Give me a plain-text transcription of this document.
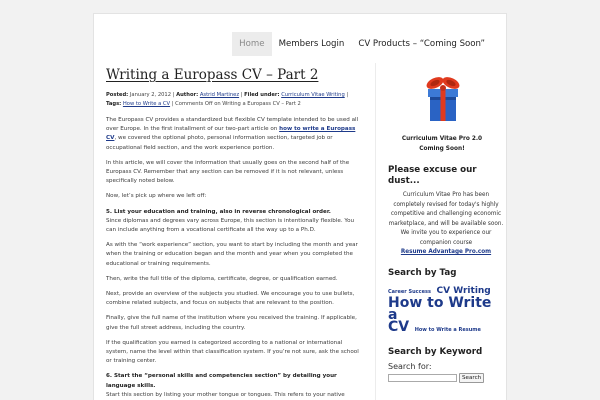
Home	Members Login	CV Products – “Coming Soon”
Writing a Europass CV – Part 2
Posted: January 2, 2012 | Author: Astrid Martinez | Filed under: Curriculum Vitae Writing | Tags: How to Write a CV | Comments Off on Writing a Europass CV – Part 2

The Europass CV provides a standardized but flexible CV template intended to be used all over Europe. In the first installment of our two-part article on how to write a Europass CV, we covered the optional photo, personal information section, targeted job or occupational field section, and the work experience portion.

In this article, we will cover the information that usually goes on the second half of the Europass CV. Remember that any section can be removed if it is not relevant, unless specifically noted below.

Now, let’s pick up where we left off:

5. List your education and training, also in reverse chronological order.
Since diplomas and degrees vary across Europe, this section is intentionally flexible. You can include anything from a vocational certificate all the way up to a Ph.D.

As with the “work experience” section, you want to start by including the month and year when the training or education began and the month and year when you completed the educational or training requirements.

Then, write the full title of the diploma, certificate, degree, or qualification earned.

Next, provide an overview of the subjects you studied. We encourage you to use bullets, combine related subjects, and focus on subjects that are relevant to the position.

Finally, give the full name of the institution where you received the training. If applicable, give the full street address, including the country.

If the qualification you earned is categorized according to a national or international system, name the level within that classification system. If you’re not sure, ask the school or training center.

6. Start the “personal skills and competencies section” by detailing your language skills.
Start this section by listing your mother tongue or tongues. This refers to your native

Curriculum Vitae Pro 2.0
Coming Soon!
Please excuse our dust...
Curriculum Vitae Pro has been completely revised for today's highly competitive and challenging economic marketplace, and will be available soon. We invite you to experience our companion course
Resume Advantage Pro.com
Search by Tag
Career Success CV Writing
How to Write a
CV How to Write a Resume
Search by Keyword
Search for:
Search
